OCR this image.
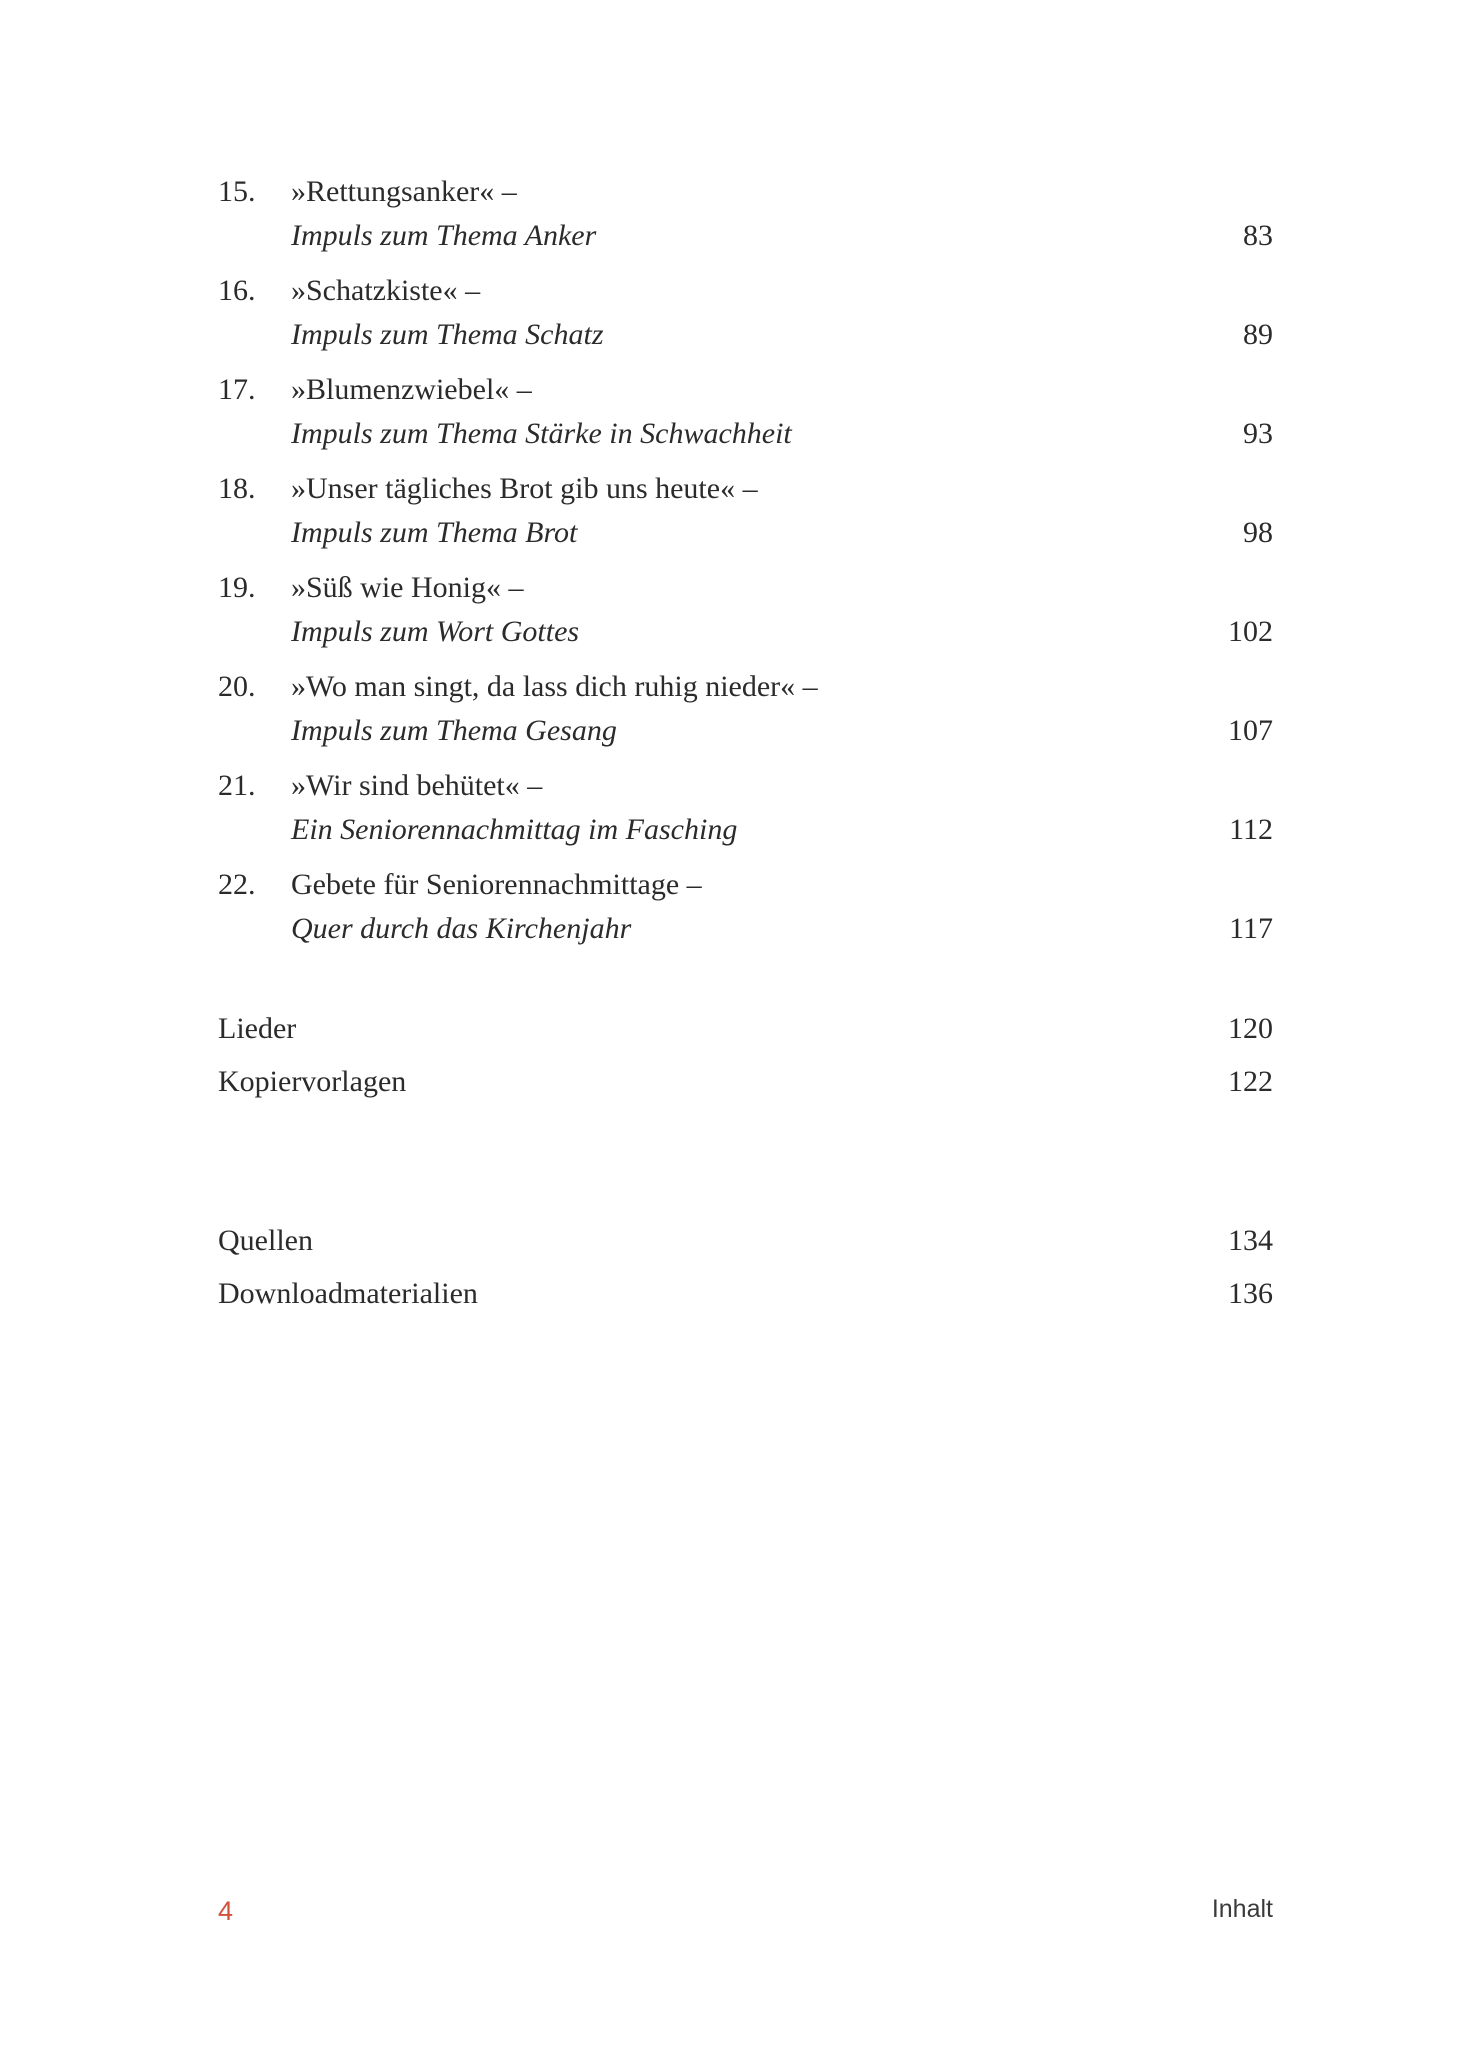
15. »Rettungsanker« –
Impuls zum Thema Anker	83
16. »Schatzkiste« –
Impuls zum Thema Schatz	89
17. »Blumenzwiebel« –
Impuls zum Thema Stärke in Schwachheit	93
18. »Unser tägliches Brot gib uns heute« –
Impuls zum Thema Brot	98
19. »Süß wie Honig« –
Impuls zum Wort Gottes	102
20. »Wo man singt, da lass dich ruhig nieder« –
Impuls zum Thema Gesang	107
21. »Wir sind behütet« –
Ein Seniorennachmittag im Fasching	112
22. Gebete für Seniorennachmittage –
Quer durch das Kirchenjahr	117
Lieder	120
Kopiervorlagen	122
Quellen	134
Downloadmaterialien	136
4	Inhalt
